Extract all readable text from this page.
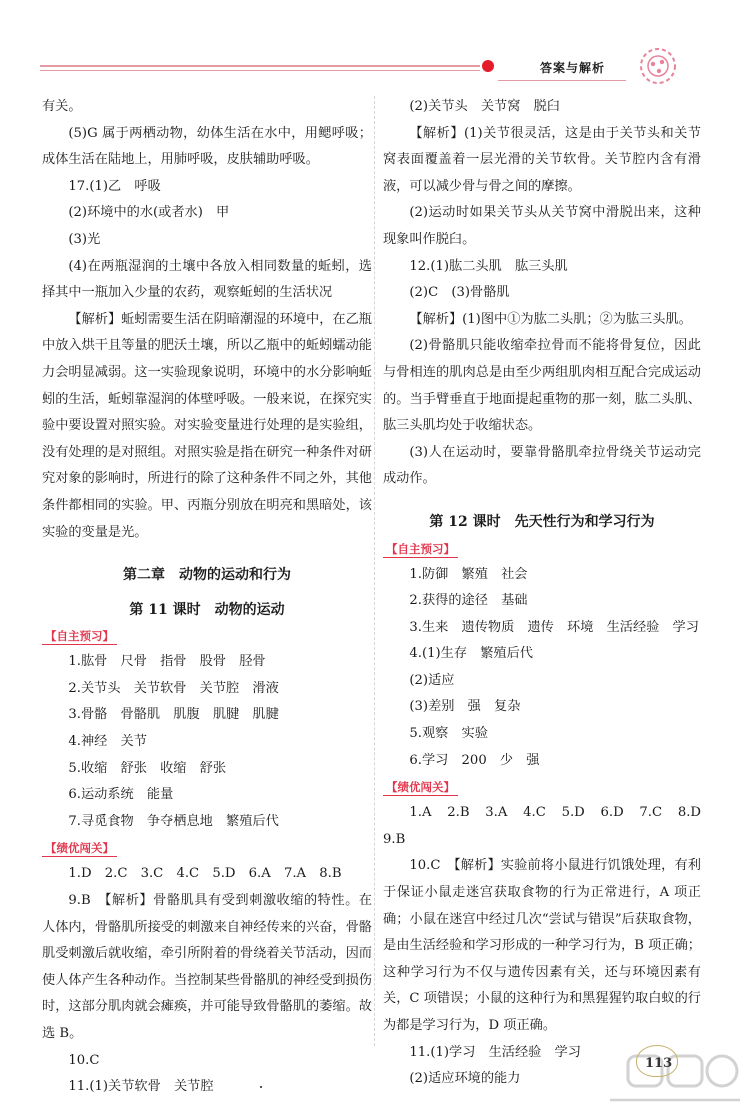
答案与解析

有关。

(5)G 属于两栖动物，幼体生活在水中，用鳃呼吸；成体生活在陆地上，用肺呼吸，皮肤辅助呼吸。

17.(1)乙　呼吸

(2)环境中的水(或者水)　甲

(3)光

(4)在两瓶湿润的土壤中各放入相同数量的蚯蚓，选择其中一瓶加入少量的农药，观察蚯蚓的生活状况

【解析】蚯蚓需要生活在阴暗潮湿的环境中，在乙瓶中放入烘干且等量的肥沃土壤，所以乙瓶中的蚯蚓蠕动能力会明显减弱。这一实验现象说明，环境中的水分影响蚯蚓的生活，蚯蚓靠湿润的体壁呼吸。一般来说，在探究实验中要设置对照实验。对实验变量进行处理的是实验组，没有处理的是对照组。对照实验是指在研究一种条件对研究对象的影响时，所进行的除了这种条件不同之外，其他条件都相同的实验。甲、丙瓶分别放在明亮和黑暗处，该实验的变量是光。

第二章　动物的运动和行为

第 11 课时　动物的运动

【自主预习】

1.肱骨　尺骨　指骨　股骨　胫骨

2.关节头　关节软骨　关节腔　滑液

3.骨骼　骨骼肌　肌腹　肌腱　肌腱

4.神经　关节

5.收缩　舒张　收缩　舒张

6.运动系统　能量

7.寻觅食物　争夺栖息地　繁殖后代

【绩优闯关】

1.D　2.C　3.C　4.C　5.D　6.A　7.A　8.B

9.B　【解析】骨骼肌具有受到刺激收缩的特性。在人体内，骨骼肌所接受的刺激来自神经传来的兴奋，骨骼肌受刺激后就收缩，牵引所附着的骨绕着关节活动，因而使人体产生各种动作。当控制某些骨骼肌的神经受到损伤时，这部分肌肉就会瘫痪，并可能导致骨骼肌的萎缩。故选 B。

10.C

11.(1)关节软骨　关节腔

(2)关节头　关节窝　脱臼

【解析】(1)关节很灵活，这是由于关节头和关节窝表面覆盖着一层光滑的关节软骨。关节腔内含有滑液，可以减少骨与骨之间的摩擦。

(2)运动时如果关节头从关节窝中滑脱出来，这种现象叫作脱臼。

12.(1)肱二头肌　肱三头肌

(2)C　(3)骨骼肌

【解析】(1)图中①为肱二头肌；②为肱三头肌。

(2)骨骼肌只能收缩牵拉骨而不能将骨复位，因此与骨相连的肌肉总是由至少两组肌肉相互配合完成运动的。当手臂垂直于地面提起重物的那一刻，肱二头肌、肱三头肌均处于收缩状态。

(3)人在运动时，要靠骨骼肌牵拉骨绕关节运动完成动作。

第 12 课时　先天性行为和学习行为

【自主预习】

1.防御　繁殖　社会

2.获得的途径　基础

3.生来　遗传物质　遗传　环境　生活经验　学习

4.(1)生存　繁殖后代

(2)适应

(3)差别　强　复杂

5.观察　实验

6.学习　200　少　强

【绩优闯关】

1.A　2.B　3.A　4.C　5.D　6.D　7.C　8.D　9.B

10.C　【解析】实验前将小鼠进行饥饿处理，有利于保证小鼠走迷宫获取食物的行为正常进行，A 项正确；小鼠在迷宫中经过几次“尝试与错误”后获取食物，是由生活经验和学习形成的一种学习行为，B 项正确；这种学习行为不仅与遗传因素有关，还与环境因素有关，C 项错误；小鼠的这种行为和黑猩猩钓取白蚁的行为都是学习行为，D 项正确。

11.(1)学习　生活经验　学习

(2)适应环境的能力

113
